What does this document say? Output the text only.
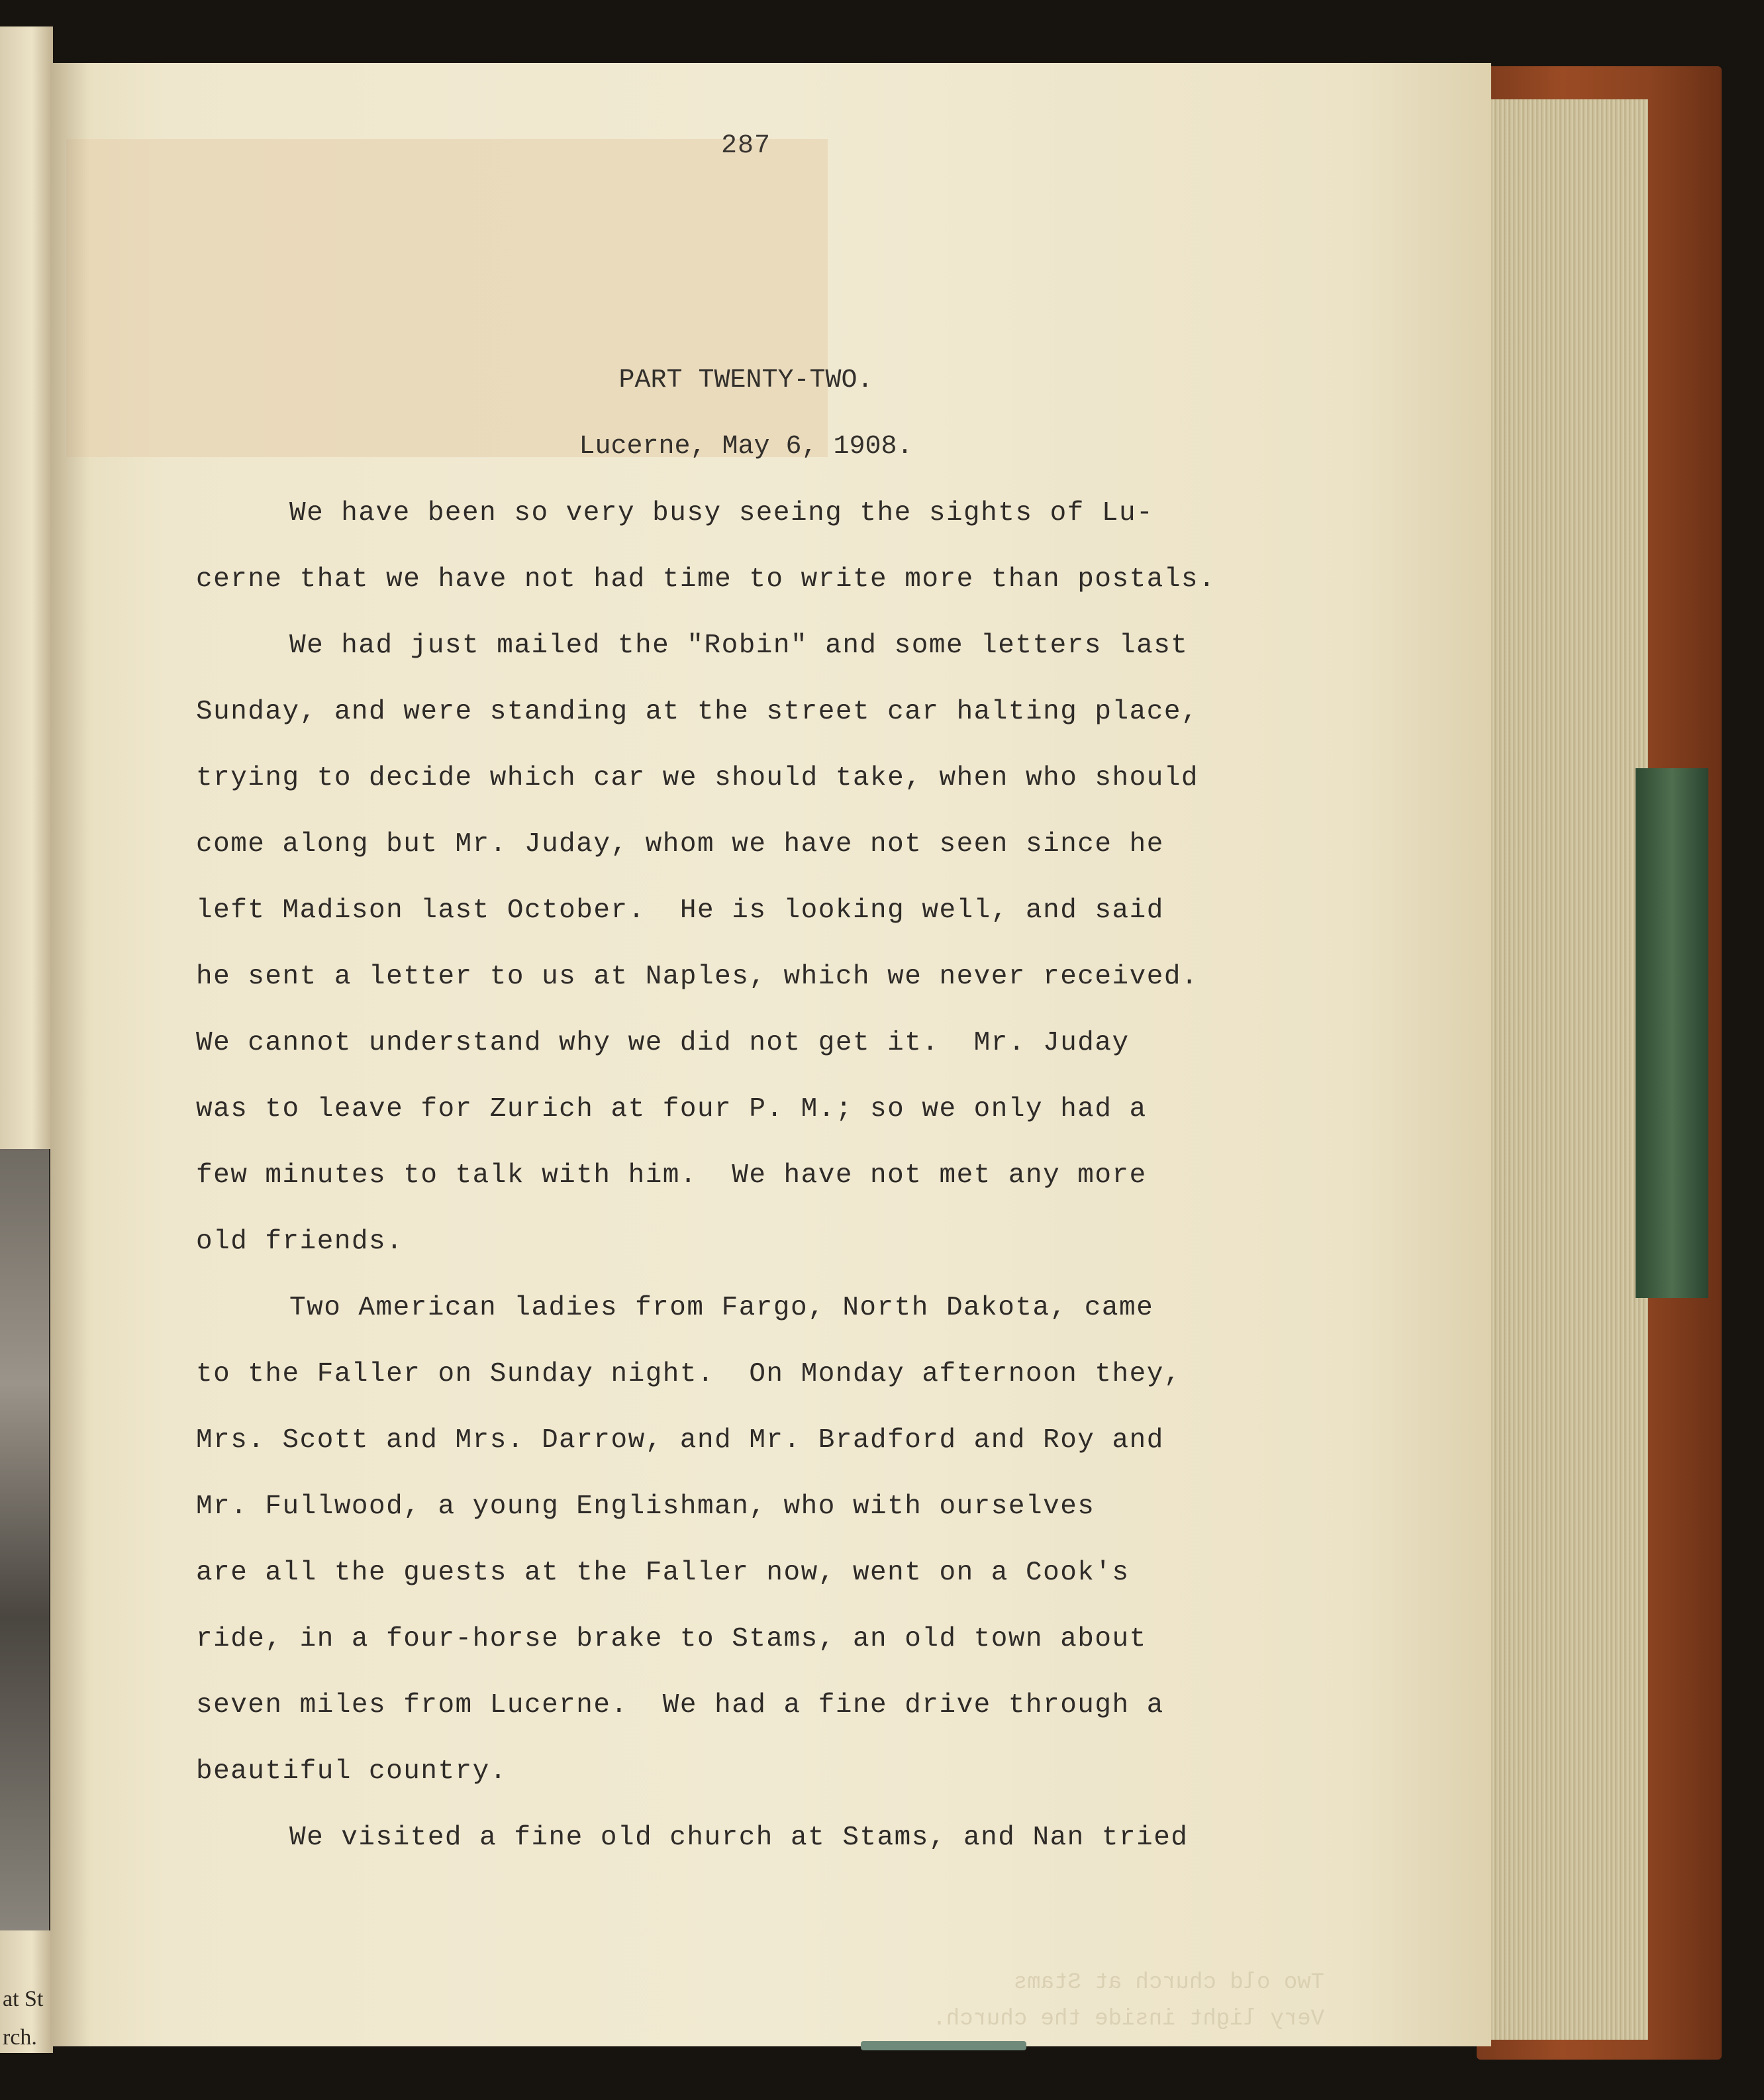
at St
rch.
287
PART TWENTY-TWO.
Lucerne, May 6, 1908.
We have been so very busy seeing the sights of Lu-
cerne that we have not had time to write more than postals.
We had just mailed the "Robin" and some letters last
Sunday, and were standing at the street car halting place,
trying to decide which car we should take, when who should
come along but Mr. Juday, whom we have not seen since he
left Madison last October.  He is looking well, and said
he sent a letter to us at Naples, which we never received.
We cannot understand why we did not get it.  Mr. Juday
was to leave for Zurich at four P. M.; so we only had a
few minutes to talk with him.  We have not met any more
old friends.
Two American ladies from Fargo, North Dakota, came
to the Faller on Sunday night.  On Monday afternoon they,
Mrs. Scott and Mrs. Darrow, and Mr. Bradford and Roy and
Mr. Fullwood, a young Englishman, who with ourselves
are all the guests at the Faller now, went on a Cook's
ride, in a four-horse brake to Stams, an old town about
seven miles from Lucerne.  We had a fine drive through a
beautiful country.
We visited a fine old church at Stams, and Nan tried
Very light inside the church.
Two old church at Stams
